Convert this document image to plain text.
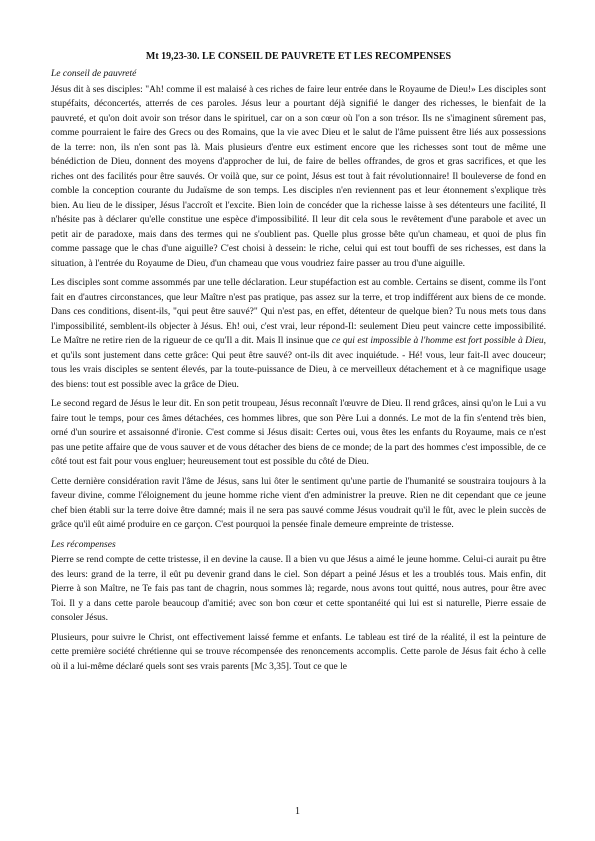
Mt 19,23-30. LE CONSEIL DE PAUVRETE ET LES RECOMPENSES
Le conseil de pauvreté

Jésus dit à ses disciples: "Ah! comme il est malaisé à ces riches de faire leur entrée dans le Royaume de Dieu!» Les disciples sont stupéfaits, déconcertés, atterrés de ces paroles. Jésus leur a pourtant déjà signifié le danger des richesses, le bienfait de la pauvreté, et qu'on doit avoir son trésor dans le spirituel, car on a son cœur où l'on a son trésor. Ils ne s'imaginent sûrement pas, comme pourraient le faire des Grecs ou des Romains, que la vie avec Dieu et le salut de l'âme puissent être liés aux possessions de la terre: non, ils n'en sont pas là. Mais plusieurs d'entre eux estiment encore que les richesses sont tout de même une bénédiction de Dieu, donnent des moyens d'approcher de lui, de faire de belles offrandes, de gros et gras sacrifices, et que les riches ont des facilités pour être sauvés. Or voilà que, sur ce point, Jésus est tout à fait révolutionnaire! Il bouleverse de fond en comble la conception courante du Judaïsme de son temps. Les disciples n'en reviennent pas et leur étonnement s'explique très bien. Au lieu de le dissiper, Jésus l'accroît et l'excite. Bien loin de concéder que la richesse laisse à ses détenteurs une facilité, Il n'hésite pas à déclarer qu'elle constitue une espèce d'impossibilité. Il leur dit cela sous le revêtement d'une parabole et avec un petit air de paradoxe, mais dans des termes qui ne s'oublient pas. Quelle plus grosse bête qu'un chameau, et quoi de plus fin comme passage que le chas d'une aiguille? C'est choisi à dessein: le riche, celui qui est tout bouffi de ses richesses, est dans la situation, à l'entrée du Royaume de Dieu, d'un chameau que vous voudriez faire passer au trou d'une aiguille.

Les disciples sont comme assommés par une telle déclaration. Leur stupéfaction est au comble. Certains se disent, comme ils l'ont fait en d'autres circonstances, que leur Maître n'est pas pratique, pas assez sur la terre, et trop indifférent aux biens de ce monde. Dans ces conditions, disent-ils, "qui peut être sauvé?" Qui n'est pas, en effet, détenteur de quelque bien? Tu nous mets tous dans l'impossibilité, semblent-ils objecter à Jésus. Eh! oui, c'est vrai, leur répond-Il: seulement Dieu peut vaincre cette impossibilité. Le Maître ne retire rien de la rigueur de ce qu'Il a dit. Mais Il insinue que ce qui est impossible à l'homme est fort possible à Dieu, et qu'ils sont justement dans cette grâce: Qui peut être sauvé? ont-ils dit avec inquiétude. - Hé! vous, leur fait-Il avec douceur; tous les vrais disciples se sentent élevés, par la toute-puissance de Dieu, à ce merveilleux détachement et à ce magnifique usage des biens: tout est possible avec la grâce de Dieu.

Le second regard de Jésus le leur dit. En son petit troupeau, Jésus reconnaît l'œuvre de Dieu. Il rend grâces, ainsi qu'on le Lui a vu faire tout le temps, pour ces âmes détachées, ces hommes libres, que son Père Lui a donnés. Le mot de la fin s'entend très bien, orné d'un sourire et assaisonné d'ironie. C'est comme si Jésus disait: Certes oui, vous êtes les enfants du Royaume, mais ce n'est pas une petite affaire que de vous sauver et de vous détacher des biens de ce monde; de la part des hommes c'est impossible, de ce côté tout est fait pour vous engluer; heureusement tout est possible du côté de Dieu.

Cette dernière considération ravit l'âme de Jésus, sans lui ôter le sentiment qu'une partie de l'humanité se soustraira toujours à la faveur divine, comme l'éloignement du jeune homme riche vient d'en administrer la preuve. Rien ne dit cependant que ce jeune chef bien établi sur la terre doive être damné; mais il ne sera pas sauvé comme Jésus voudrait qu'il le fût, avec le plein succès de grâce qu'il eût aimé produire en ce garçon. C'est pourquoi la pensée finale demeure empreinte de tristesse.

Les récompenses

Pierre se rend compte de cette tristesse, il en devine la cause. Il a bien vu que Jésus a aimé le jeune homme. Celui-ci aurait pu être des leurs: grand de la terre, il eût pu devenir grand dans le ciel. Son départ a peiné Jésus et les a troublés tous. Mais enfin, dit Pierre à son Maître, ne Te fais pas tant de chagrin, nous sommes là; regarde, nous avons tout quitté, nous autres, pour être avec Toi. Il y a dans cette parole beaucoup d'amitié; avec son bon cœur et cette spontanéité qui lui est si naturelle, Pierre essaie de consoler Jésus.

Plusieurs, pour suivre le Christ, ont effectivement laissé femme et enfants. Le tableau est tiré de la réalité, il est la peinture de cette première société chrétienne qui se trouve récompensée des renoncements accomplis. Cette parole de Jésus fait écho à celle où il a lui-même déclaré quels sont ses vrais parents [Mc 3,35]. Tout ce que le

1
